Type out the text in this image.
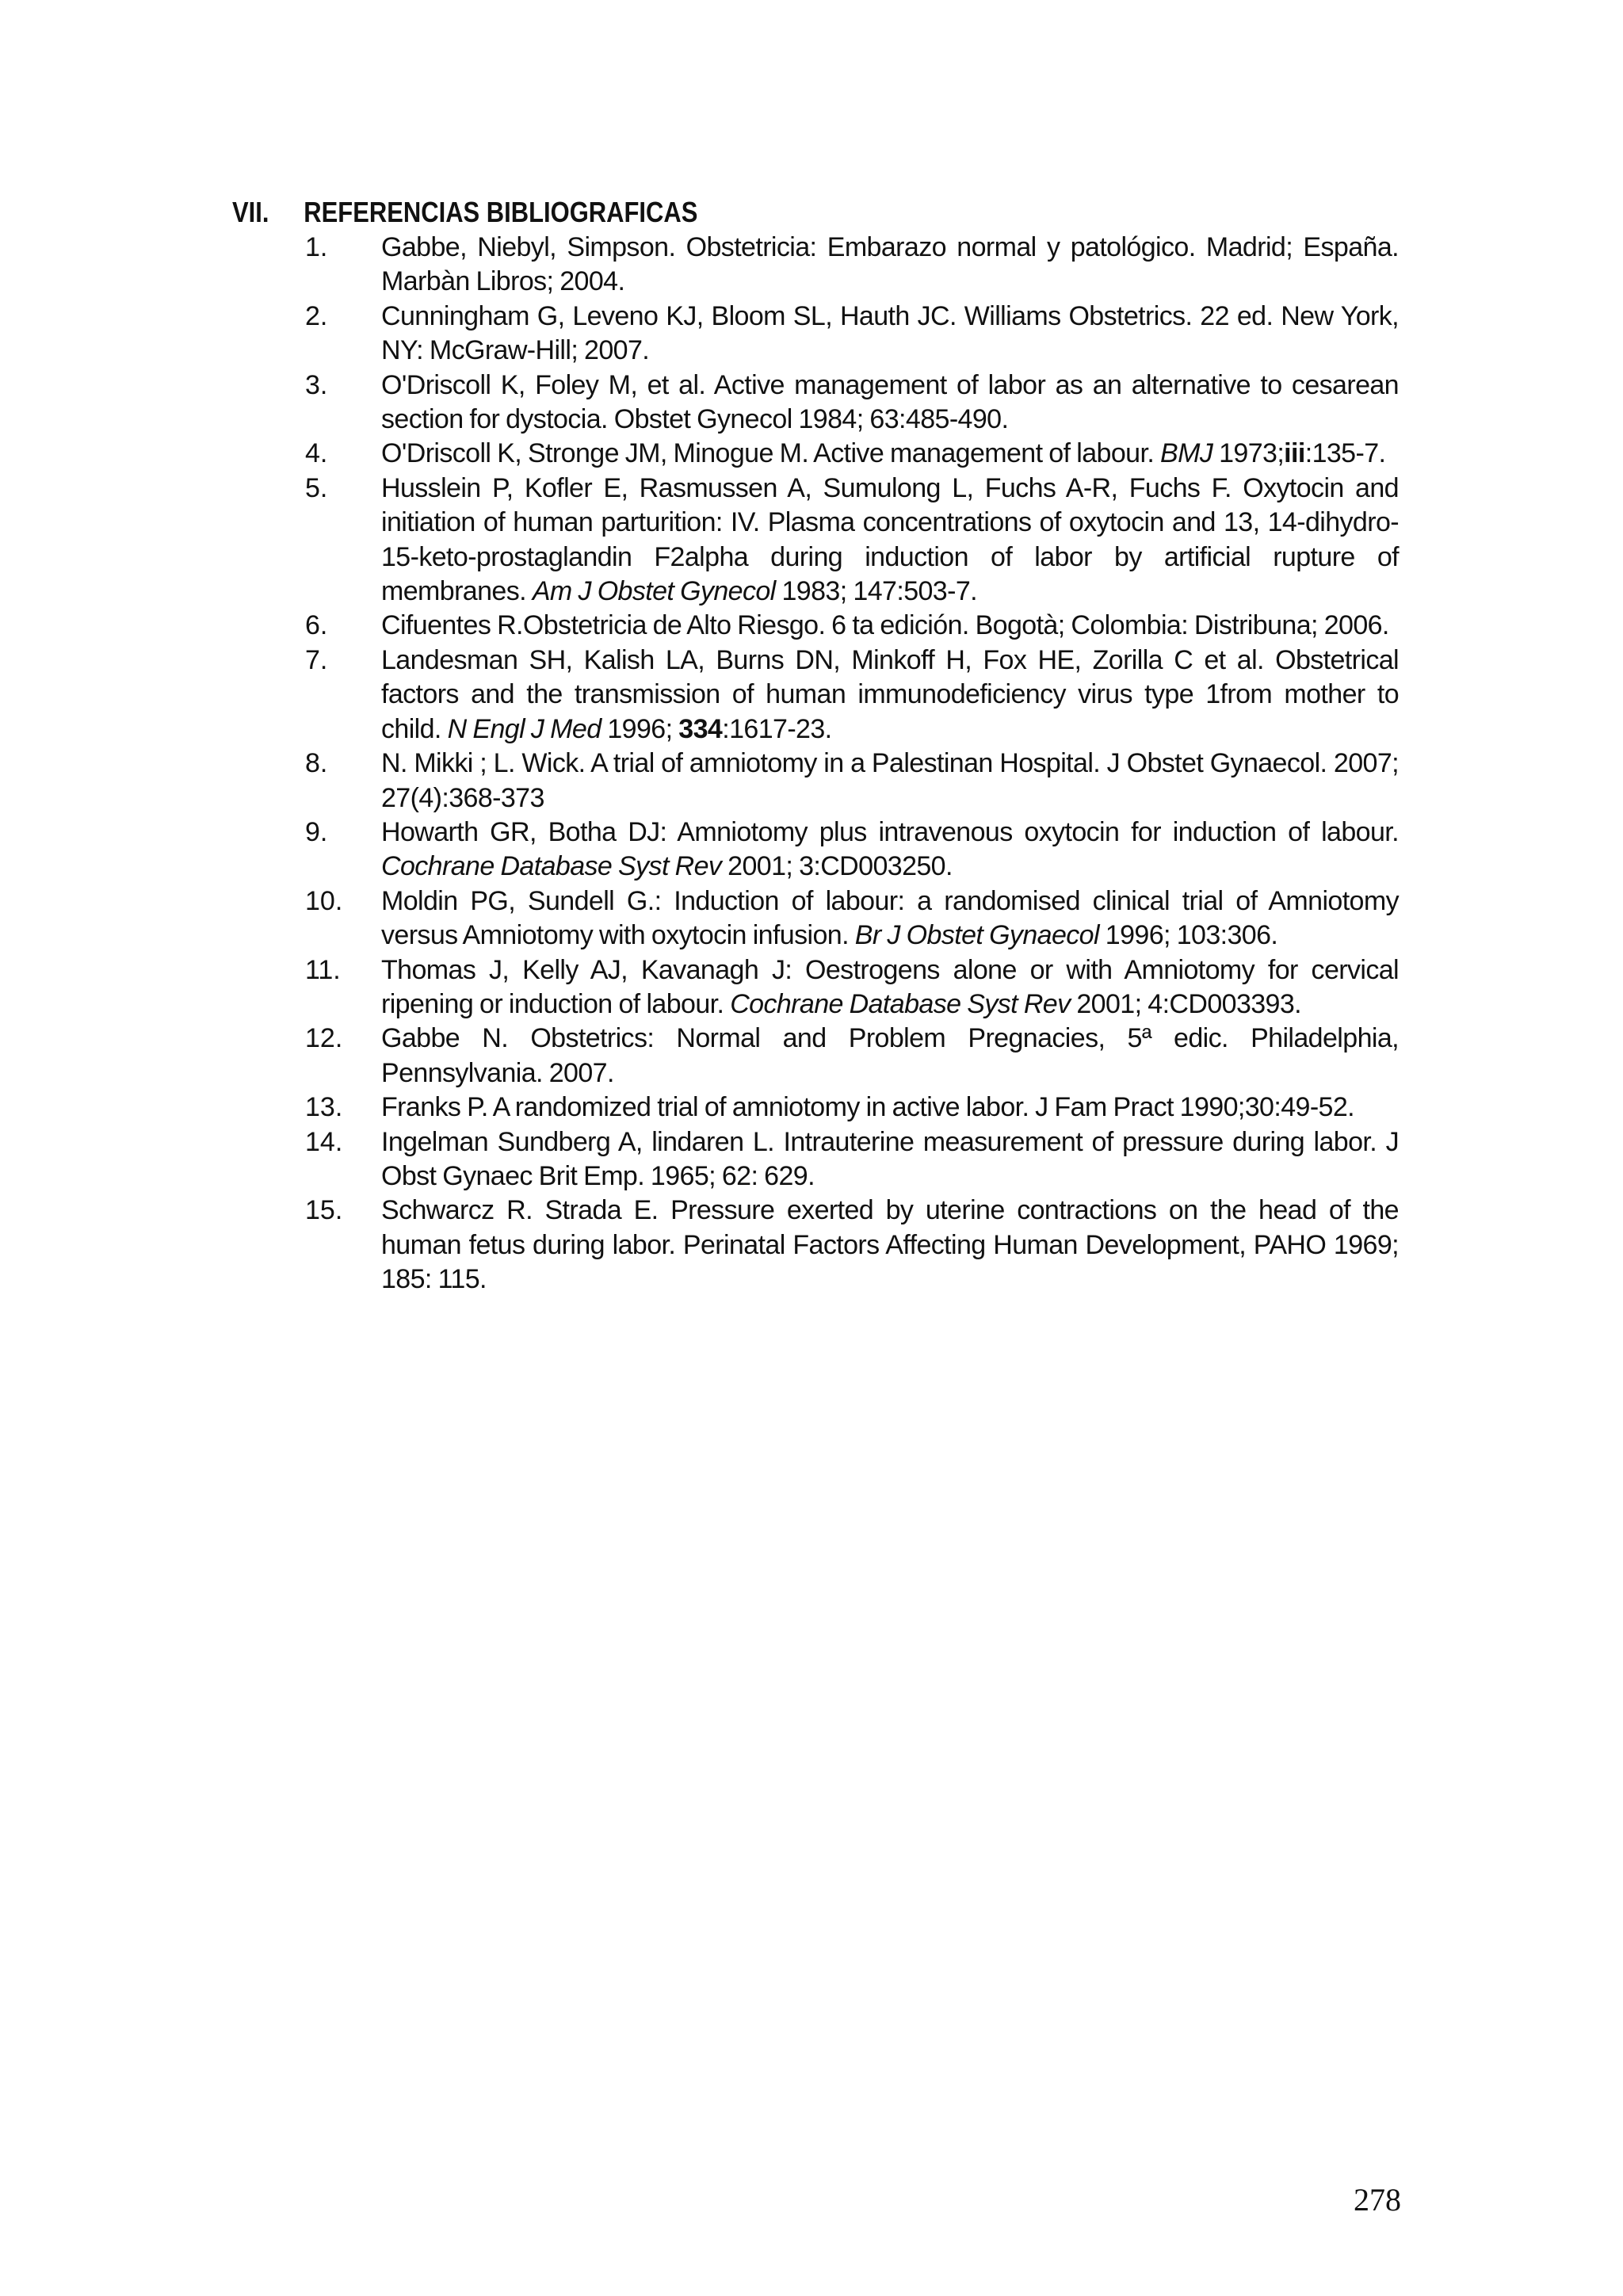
VII. REFERENCIAS BIBLIOGRAFICAS
1. Gabbe, Niebyl, Simpson. Obstetricia: Embarazo normal y patológico. Madrid; España. Marbàn Libros; 2004.
2. Cunningham G, Leveno KJ, Bloom SL, Hauth JC. Williams Obstetrics. 22 ed. New York, NY: McGraw-Hill; 2007.
3. O'Driscoll K, Foley M, et al. Active management of labor as an alternative to cesarean section for dystocia. Obstet Gynecol 1984; 63:485-490.
4. O'Driscoll K, Stronge JM, Minogue M. Active management of labour. BMJ 1973;iii:135-7.
5. Husslein P, Kofler E, Rasmussen A, Sumulong L, Fuchs A-R, Fuchs F. Oxytocin and initiation of human parturition: IV. Plasma concentrations of oxytocin and 13, 14-dihydro-15-keto-prostaglandin F2alpha during induction of labor by artificial rupture of membranes. Am J Obstet Gynecol 1983; 147:503-7.
6. Cifuentes R.Obstetricia de Alto Riesgo. 6 ta edición. Bogotà; Colombia: Distribuna; 2006.
7. Landesman SH, Kalish LA, Burns DN, Minkoff H, Fox HE, Zorilla C et al. Obstetrical factors and the transmission of human immunodeficiency virus type 1from mother to child. N Engl J Med 1996; 334:1617-23.
8. N. Mikki ; L. Wick. A trial of amniotomy in a Palestinan Hospital. J Obstet Gynaecol. 2007; 27(4):368-373
9. Howarth GR, Botha DJ: Amniotomy plus intravenous oxytocin for induction of labour. Cochrane Database Syst Rev 2001; 3:CD003250.
10. Moldin PG, Sundell G.: Induction of labour: a randomised clinical trial of Amniotomy versus Amniotomy with oxytocin infusion. Br J Obstet Gynaecol 1996; 103:306.
11. Thomas J, Kelly AJ, Kavanagh J: Oestrogens alone or with Amniotomy for cervical ripening or induction of labour. Cochrane Database Syst Rev 2001; 4:CD003393.
12. Gabbe N. Obstetrics: Normal and Problem Pregnacies, 5ª edic. Philadelphia, Pennsylvania. 2007.
13. Franks P. A randomized trial of amniotomy in active labor. J Fam Pract 1990;30:49-52.
14. Ingelman Sundberg A, lindaren L. Intrauterine measurement of pressure during labor. J Obst Gynaec Brit Emp. 1965; 62: 629.
15. Schwarcz R. Strada E. Pressure exerted by uterine contractions on the head of the human fetus during labor. Perinatal Factors Affecting Human Development, PAHO 1969; 185: 115.
278
